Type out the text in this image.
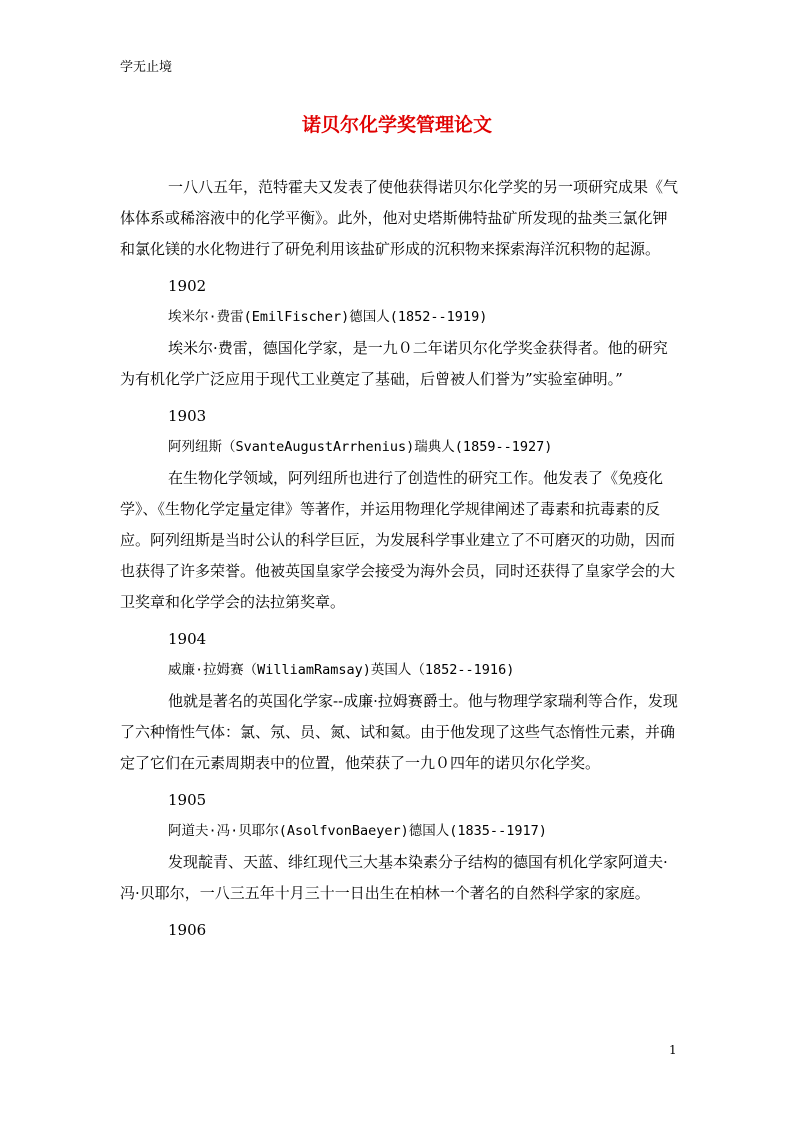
学无止境
诺贝尔化学奖管理论文

一八八五年，范特霍夫又发表了使他获得诺贝尔化学奖的另一项研究成果《气体体系或稀溶液中的化学平衡》。此外，他对史塔斯佛特盐矿所发现的盐类三氯化钾和氯化镁的水化物进行了研免利用该盐矿形成的沉积物来探索海洋沉积物的起源。

1902

埃米尔·费雷(EmilFischer)德国人(1852--1919)

埃米尔·费雷，德国化学家，是一九０二年诺贝尔化学奖金获得者。他的研究为有机化学广泛应用于现代工业奠定了基础，后曾被人们誉为”实验室砷明。”

1903

阿列纽斯（SvanteAugustArrhenius)瑞典人(1859--1927)

在生物化学领域，阿列纽所也进行了创造性的研究工作。他发表了《免疫化学》、《生物化学定量定律》等著作，并运用物理化学规律阐述了毒素和抗毒素的反应。阿列纽斯是当时公认的科学巨匠，为发展科学事业建立了不可磨灭的功勋，因而也获得了许多荣誉。他被英国皇家学会接受为海外会员，同时还获得了皇家学会的大卫奖章和化学学会的法拉第奖章。

1904

威廉·拉姆赛（WilliamRamsay)英国人（1852--1916)

他就是著名的英国化学家--成廉·拉姆赛爵士。他与物理学家瑞利等合作，发现了六种惰性气体：氯、氖、员、氮、试和氦。由于他发现了这些气态惰性元素，并确定了它们在元素周期表中的位置，他荣获了一九０四年的诺贝尔化学奖。

1905

阿道夫·冯·贝耶尔(AsolfvonBaeyer)德国人(1835--1917)

发现靛青、天蓝、绯红现代三大基本染素分子结构的德国有机化学家阿道夫·冯·贝耶尔，一八三五年十月三十一日出生在柏林一个著名的自然科学家的家庭。

1906

1
